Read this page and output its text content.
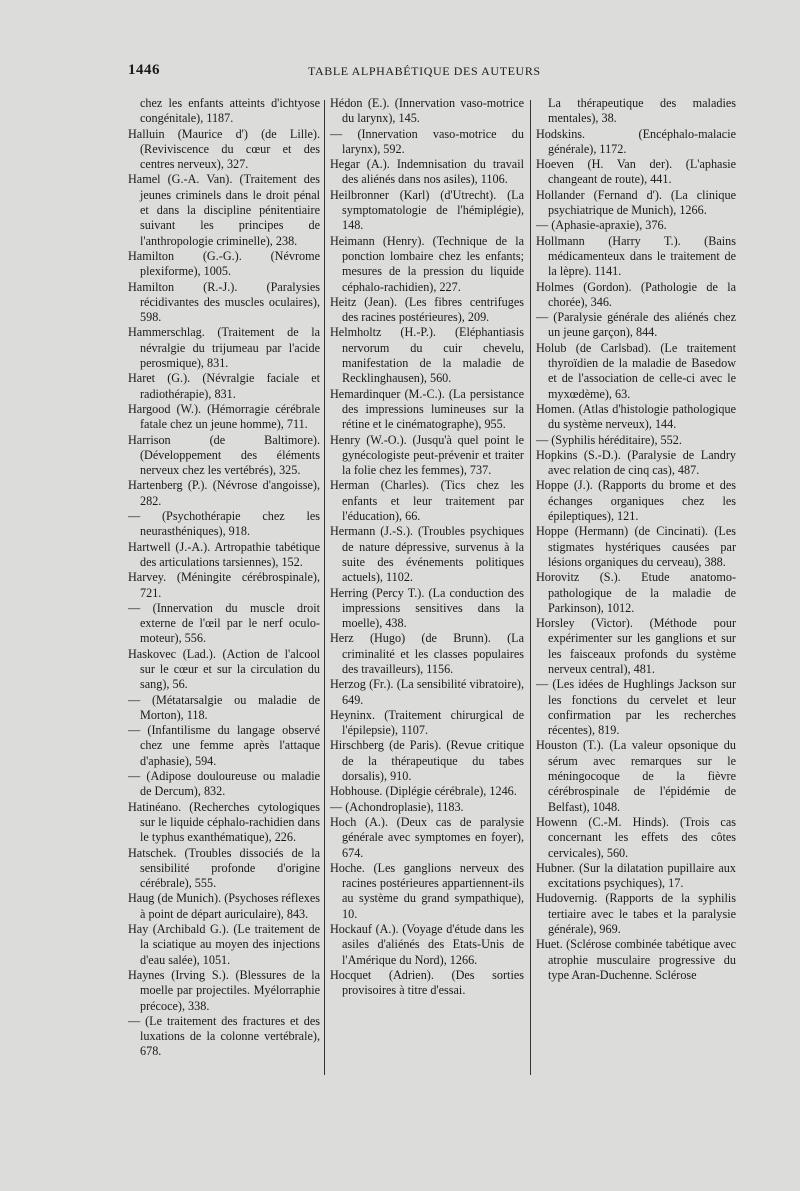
1446	TABLE ALPHABÉTIQUE DES AUTEURS

chez les enfants atteints d'ichtyose congénitale), 1187.

Halluin (Maurice d') (de Lille). (Reviviscence du cœur et des centres nerveux), 327.

Hamel (G.-A. Van). (Traitement des jeunes criminels dans le droit pénal et dans la discipline pénitentiaire suivant les principes de l'anthropologie criminelle), 238.

Hamilton (G.-G.). (Névrome plexiforme), 1005.

Hamilton (R.-J.). (Paralysies récidivantes des muscles oculaires), 598.

Hammerschlag. (Traitement de la névralgie du trijumeau par l'acide perosmique), 831.

Haret (G.). (Névralgie faciale et radiothérapie), 831.

Hargood (W.). (Hémorragie cérébrale fatale chez un jeune homme), 711.

Harrison (de Baltimore). (Développement des éléments nerveux chez les vertébrés), 325.

Hartenberg (P.). (Névrose d'angoisse), 282.

— (Psychothérapie chez les neurasthéniques), 918.

Hartwell (J.-A.). Artropathie tabétique des articulations tarsiennes), 152.

Harvey. (Méningite cérébrospinale), 721.

— (Innervation du muscle droit externe de l'œil par le nerf oculo-moteur), 556.

Haskovec (Lad.). (Action de l'alcool sur le cœur et sur la circulation du sang), 56.

— (Métatarsalgie ou maladie de Morton), 118.

— (Infantilisme du langage observé chez une femme après l'attaque d'aphasie), 594.

— (Adipose douloureuse ou maladie de Dercum), 832.

Hatinéano. (Recherches cytologiques sur le liquide céphalo-rachidien dans le typhus exanthématique), 226.

Hatschek. (Troubles dissociés de la sensibilité profonde d'origine cérébrale), 555.

Haug (de Munich). (Psychoses réflexes à point de départ auriculaire), 843.

Hay (Archibald G.). (Le traitement de la sciatique au moyen des injections d'eau salée), 1051.

Haynes (Irving S.). (Blessures de la moelle par projectiles. Myélorraphie précoce), 338.

— (Le traitement des fractures et des luxations de la colonne vertébrale), 678.

Hédon (E.). (Innervation vaso-motrice du larynx), 145.

— (Innervation vaso-motrice du larynx), 592.

Hegar (A.). Indemnisation du travail des aliénés dans nos asiles), 1106.

Heilbronner (Karl) (d'Utrecht). (La symptomatologie de l'hémiplégie), 148.

Heimann (Henry). (Technique de la ponction lombaire chez les enfants; mesures de la pression du liquide céphalo-rachidien), 227.

Heitz (Jean). (Les fibres centrifuges des racines postérieures), 209.

Helmholtz (H.-P.). (Eléphantiasis nervorum du cuir chevelu, manifestation de la maladie de Recklinghausen), 560.

Hemardinquer (M.-C.). (La persistance des impressions lumineuses sur la rétine et le cinématographe), 955.

Henry (W.-O.). (Jusqu'à quel point le gynécologiste peut-prévenir et traiter la folie chez les femmes), 737.

Herman (Charles). (Tics chez les enfants et leur traitement par l'éducation), 66.

Hermann (J.-S.). (Troubles psychiques de nature dépressive, survenus à la suite des événements politiques actuels), 1102.

Herring (Percy T.). (La conduction des impressions sensitives dans la moelle), 438.

Herz (Hugo) (de Brunn). (La criminalité et les classes populaires des travailleurs), 1156.

Herzog (Fr.). (La sensibilité vibratoire), 649.

Heyninx. (Traitement chirurgical de l'épilepsie), 1107.

Hirschberg (de Paris). (Revue critique de la thérapeutique du tabes dorsalis), 910.

Hobhouse. (Diplégie cérébrale), 1246.

— (Achondroplasie), 1183.

Hoch (A.). (Deux cas de paralysie générale avec symptomes en foyer), 674.

Hoche. (Les ganglions nerveux des racines postérieures appartiennent-ils au système du grand sympathique), 10.

Hockauf (A.). (Voyage d'étude dans les asiles d'aliénés des Etats-Unis de l'Amérique du Nord), 1266.

Hocquet (Adrien). (Des sorties provisoires à titre d'essai.

La thérapeutique des maladies mentales), 38.

Hodskins. (Encéphalo-malacie générale), 1172.

Hoeven (H. Van der). (L'aphasie changeant de route), 441.

Hollander (Fernand d'). (La clinique psychiatrique de Munich), 1266.

— (Aphasie-apraxie), 376.

Hollmann (Harry T.). (Bains médicamenteux dans le traitement de la lèpre). 1141.

Holmes (Gordon). (Pathologie de la chorée), 346.

— (Paralysie générale des aliénés chez un jeune garçon), 844.

Holub (de Carlsbad). (Le traitement thyroïdien de la maladie de Basedow et de l'association de celle-ci avec le myxœdème), 63.

Homen. (Atlas d'histologie pathologique du système nerveux), 144.

— (Syphilis héréditaire), 552.

Hopkins (S.-D.). (Paralysie de Landry avec relation de cinq cas), 487.

Hoppe (J.). (Rapports du brome et des échanges organiques chez les épileptiques), 121.

Hoppe (Hermann) (de Cincinati). (Les stigmates hystériques causées par lésions organiques du cerveau), 388.

Horovitz (S.). Etude anatomo-pathologique de la maladie de Parkinson), 1012.

Horsley (Victor). (Méthode pour expérimenter sur les ganglions et sur les faisceaux profonds du système nerveux central), 481.

— (Les idées de Hughlings Jackson sur les fonctions du cervelet et leur confirmation par les recherches récentes), 819.

Houston (T.). (La valeur opsonique du sérum avec remarques sur le méningocoque de la fièvre cérébrospinale de l'épidémie de Belfast), 1048.

Howenn (C.-M. Hinds). (Trois cas concernant les effets des côtes cervicales), 560.

Hubner. (Sur la dilatation pupillaire aux excitations psychiques), 17.

Hudovernig. (Rapports de la syphilis tertiaire avec le tabes et la paralysie générale), 969.

Huet. (Sclérose combinée tabétique avec atrophie musculaire progressive du type Aran-Duchenne. Sclérose
